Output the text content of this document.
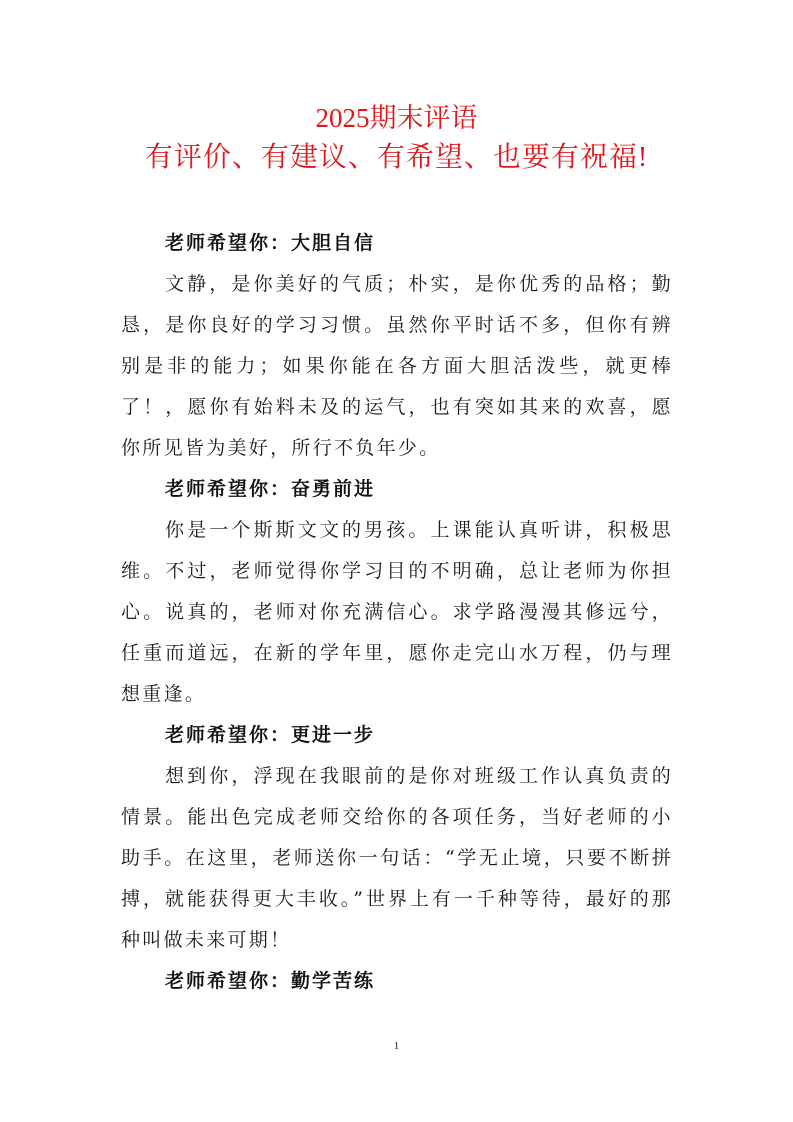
2025期末评语
有评价、有建议、有希望、也要有祝福!

老师希望你：大胆自信

文静，是你美好的气质；朴实，是你优秀的品格；勤恳，是你良好的学习习惯。虽然你平时话不多，但你有辨别是非的能力；如果你能在各方面大胆活泼些，就更棒了！，愿你有始料未及的运气，也有突如其来的欢喜，愿你所见皆为美好，所行不负年少。

老师希望你：奋勇前进

你是一个斯斯文文的男孩。上课能认真听讲，积极思维。不过，老师觉得你学习目的不明确，总让老师为你担心。说真的，老师对你充满信心。求学路漫漫其修远兮，任重而道远，在新的学年里，愿你走完山水万程，仍与理想重逢。

老师希望你：更进一步

想到你，浮现在我眼前的是你对班级工作认真负责的情景。能出色完成老师交给你的各项任务，当好老师的小助手。在这里，老师送你一句话：“学无止境，只要不断拼搏，就能获得更大丰收。”世界上有一千种等待，最好的那种叫做未来可期！

老师希望你：勤学苦练

1
